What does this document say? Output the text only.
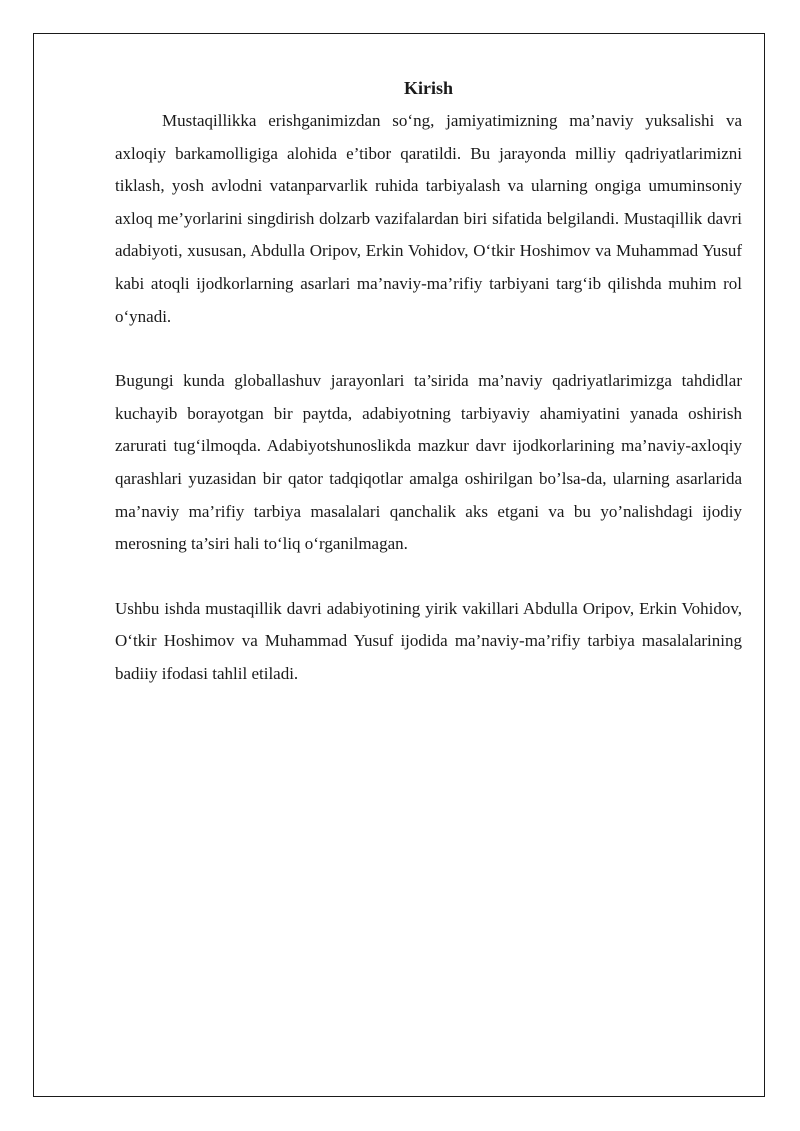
Kirish

Mustaqillikka erishganimizdan so‘ng, jamiyatimizning ma’naviy yuksalishi va axloqiy barkamolligiga alohida e’tibor qaratildi. Bu jarayonda milliy qadriyatlarimizni tiklash, yosh avlodni vatanparvarlik ruhida tarbiyalash va ularning ongiga umuminsoniy axloq me’yorlarini singdirish dolzarb vazifalardan biri sifatida belgilandi. Mustaqillik davri adabiyoti, xususan, Abdulla Oripov, Erkin Vohidov, O‘tkir Hoshimov va Muhammad Yusuf kabi atoqli ijodkorlarning asarlari ma’naviy-ma’rifiy tarbiyani targ‘ib qilishda muhim rol o‘ynadi.

Bugungi kunda globallashuv jarayonlari ta’sirida ma’naviy qadriyatlarimizga tahdidlar kuchayib borayotgan bir paytda, adabiyotning tarbiyaviy ahamiyatini yanada oshirish zarurati tug‘ilmoqda. Adabiyotshunoslikda mazkur davr ijodkorlarining ma’naviy-axloqiy qarashlari yuzasidan bir qator tadqiqotlar amalga oshirilgan bo’lsa-da, ularning asarlarida ma’naviy ma’rifiy tarbiya masalalari qanchalik aks etgani va bu yo’nalishdagi ijodiy merosning ta’siri hali to‘liq o‘rganilmagan.

Ushbu ishda mustaqillik davri adabiyotining yirik vakillari Abdulla Oripov, Erkin Vohidov, O‘tkir Hoshimov va Muhammad Yusuf ijodida ma’naviy-ma’rifiy tarbiya masalalarining badiiy ifodasi tahlil etiladi.
